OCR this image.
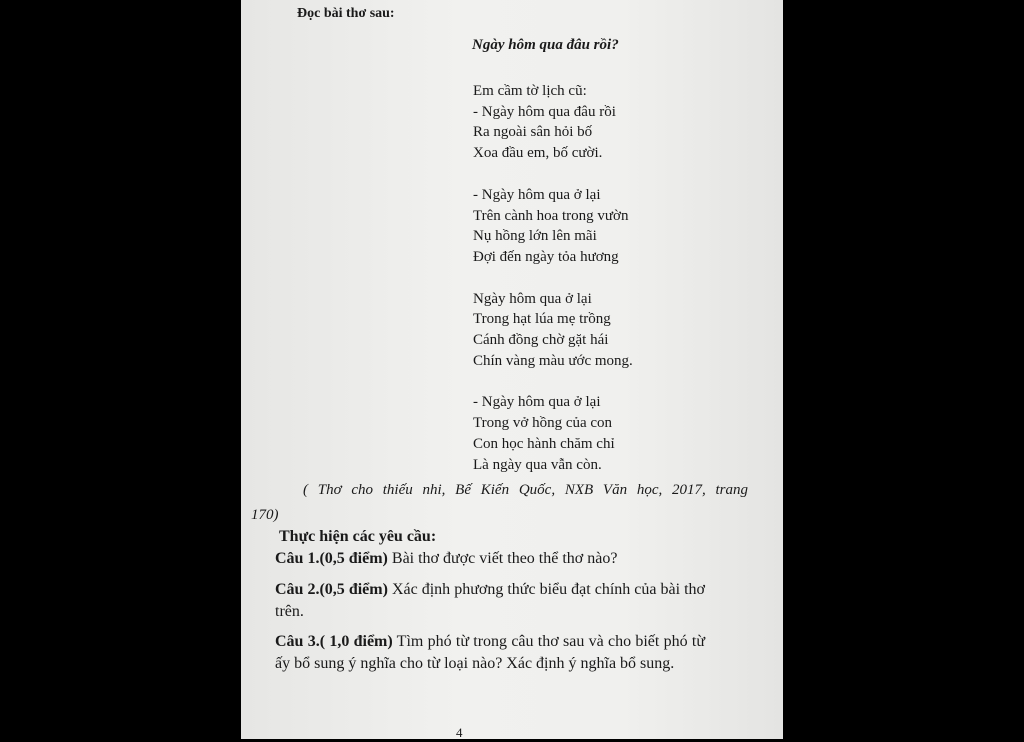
Đọc bài thơ sau:
Ngày hôm qua đâu rồi?
Em cầm tờ lịch cũ:
- Ngày hôm qua đâu rồi
Ra ngoài sân hỏi bố
Xoa đầu em, bố cười.
- Ngày hôm qua ở lại
Trên cành hoa trong vườn
Nụ hồng lớn lên mãi
Đợi đến ngày tỏa hương
Ngày hôm qua ở lại
Trong hạt lúa mẹ trồng
Cánh đồng chờ gặt hái
Chín vàng màu ước mong.
- Ngày hôm qua ở lại
Trong vở hồng của con
Con học hành chăm chỉ
Là ngày qua vẫn còn.
( Thơ cho thiếu nhi, Bế Kiến Quốc, NXB Văn học, 2017, trang
170)
Thực hiện các yêu cầu:
Câu 1.(0,5 điểm) Bài thơ được viết theo thể thơ nào?
Câu 2.(0,5 điểm) Xác định phương thức biểu đạt chính của bài thơ trên.
Câu 3.( 1,0 điểm) Tìm phó từ trong câu thơ sau và cho biết phó từ ấy bổ sung ý nghĩa cho từ loại nào? Xác định ý nghĩa bổ sung.
4
